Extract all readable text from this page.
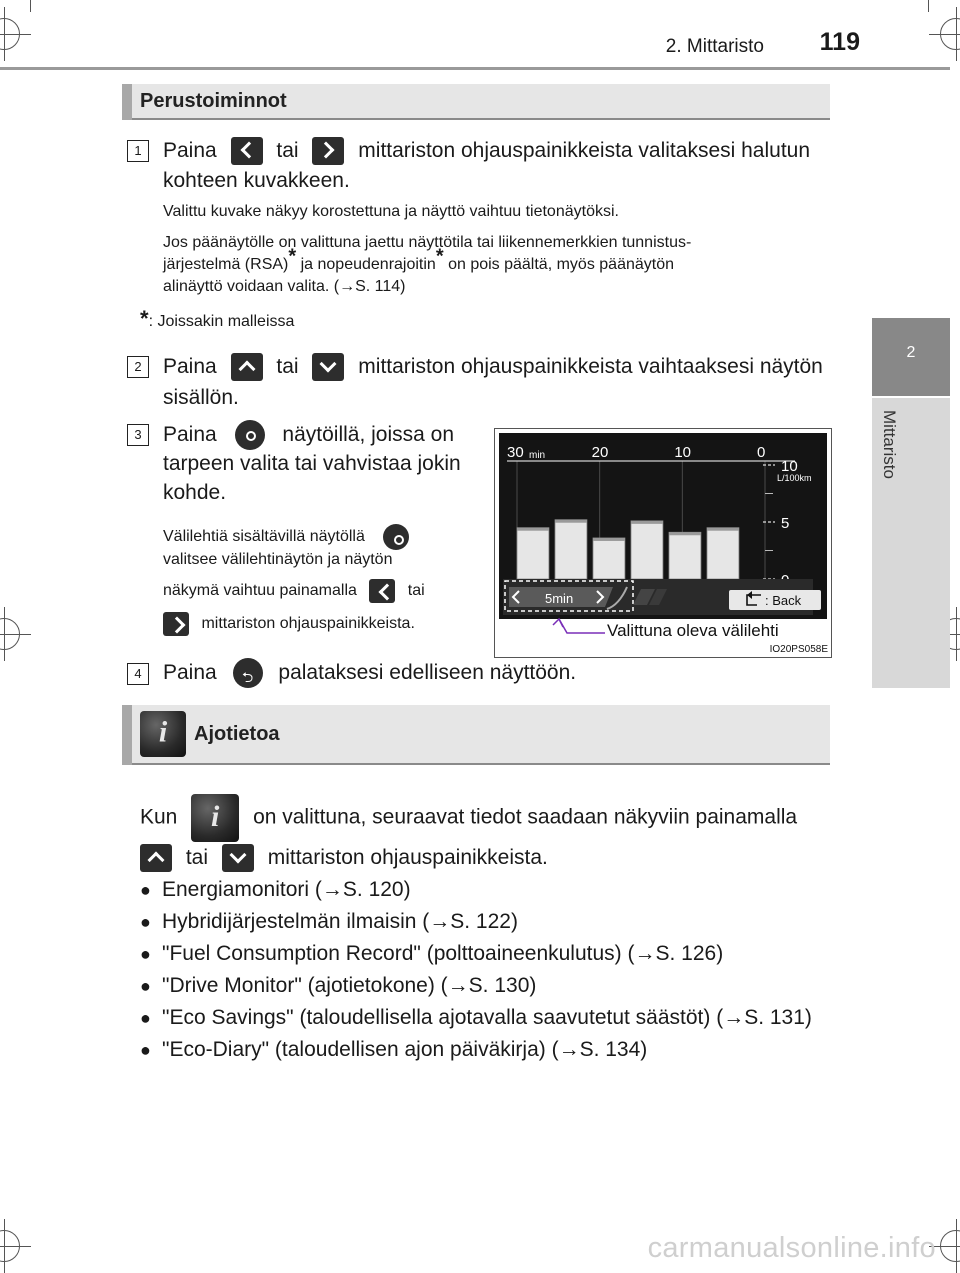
2. Mittaristo 119
2
Mittaristo
Perustoiminnot
1	Paina	tai	mittariston ohjauspainikkeista valitaksesi halutun
kohteen kuvakkeen.
Valittu kuvake näkyy korostettuna ja näyttö vaihtuu tietonäytöksi.
Jos päänäytölle on valittuna jaettu näyttötila tai liikennemerkkien tunnistus-
järjestelmä (RSA)* ja nopeudenrajoitin* on pois päältä, myös päänäytön
alinäyttö voidaan valita. (→S. 114)
*: Joissakin malleissa
2	Paina	tai	mittariston ohjauspainikkeista vaihtaaksesi näytön
sisällön.
3	Paina	näytöillä, joissa on
tarpeen valita tai vahvistaa jokin
kohde.
Välilehtiä sisältävillä näytöllä
valitsee välilehtinäytön ja näytön
näkymä vaihtuu painamalla	tai
mittariston ohjauspainikkeista.
30	20	10	0
5
10
min
L/100km
5min	: Back
Valittuna oleva välilehti
IO20PS058E
4	Paina ⮌	palataksesi edelliseen näyttöön.
i
Ajotietoa
Kun i	on valittuna, seuraavat tiedot saadaan näkyviin painamalla
tai	mittariston ohjauspainikkeista.
● Energiamonitori (→S. 120)
● Hybridijärjestelmän ilmaisin (→S. 122)
● "Fuel Consumption Record" (polttoaineenkulutus) (→S. 126)
● "Drive Monitor" (ajotietokone) (→S. 130)
● "Eco Savings" (taloudellisella ajotavalla saavutetut säästöt) (→S. 131)
● "Eco-Diary" (taloudellisen ajon päiväkirja) (→S. 134)
carmanualsonline.info
